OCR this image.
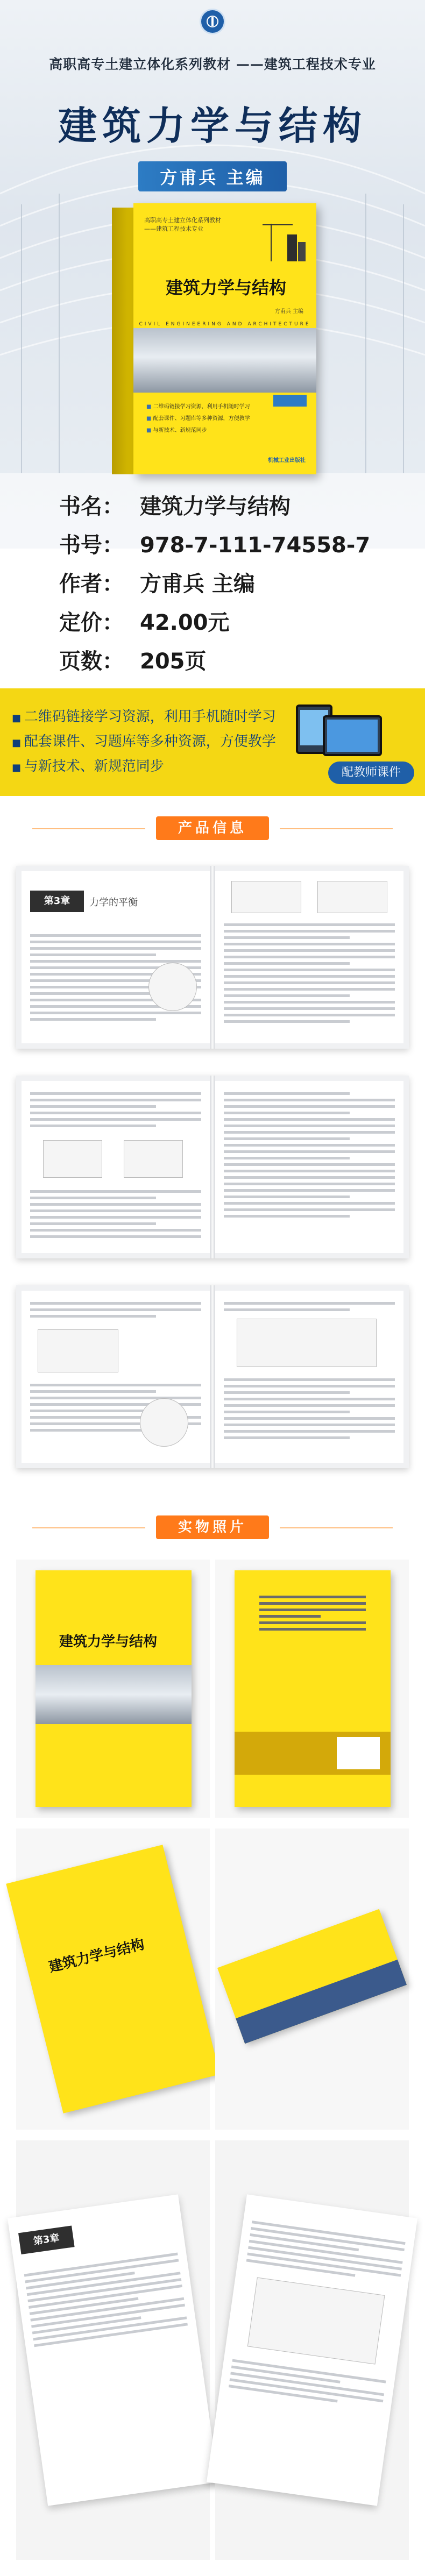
高职高专土建立体化系列教材 ——建筑工程技术专业
建筑力学与结构
方甫兵 主编
高职高专土建立体化系列教材
——建筑工程技术专业
建筑力学与结构
方甫兵 主编
CIVIL ENGINEERING AND ARCHITECTURE
■ 二维码链接学习资源，利用手机随时学习
■ 配套课件、习题库等多种资源，方便教学
■ 与新技术、新规范同步
机械工业出版社
书名： 建筑力学与结构
书号： 978-7-111-74558-7
作者： 方甫兵 主编
定价： 42.00元
页数： 205页
■ 二维码链接学习资源，利用手机随时学习
■ 配套课件、习题库等多种资源，方便教学
■ 与新技术、新规范同步	配教师课件
产品信息
第3章	力学的平衡
实物照片
建筑力学与结构
建筑力学与结构
第3章
